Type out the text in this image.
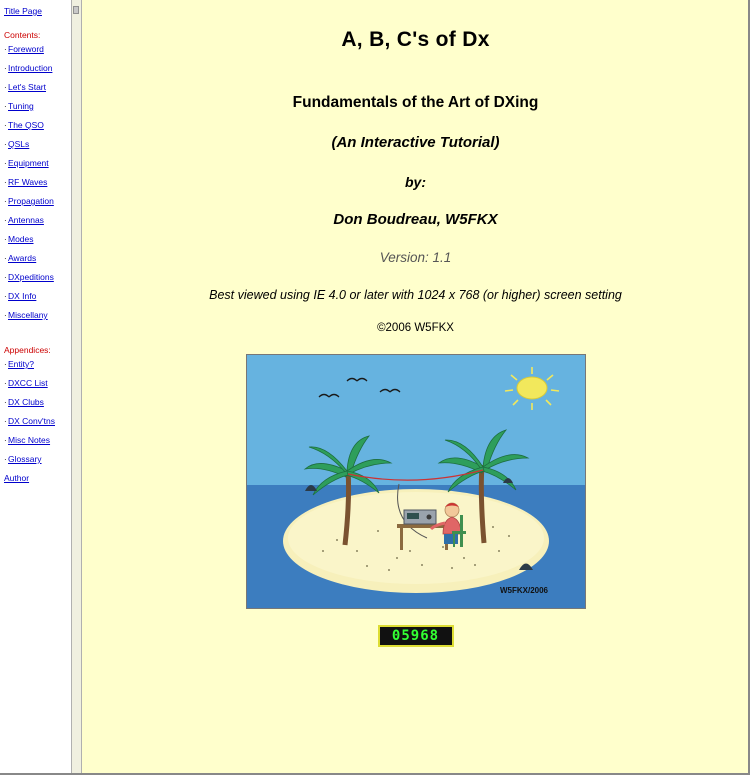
Title Page
Contents:
· Foreword
· Introduction
· Let's Start
· Tuning
· The QSO
· QSLs
· Equipment
· RF Waves
· Propagation
· Antennas
· Modes
· Awards
· DXpeditions
· DX Info
· Miscellany
Appendices:
· Entity?
· DXCC List
· DX Clubs
· DX Conv'tns
· Misc Notes
· Glossary
Author
A, B, C's of Dx
Fundamentals of the Art of DXing
(An Interactive Tutorial)
by:
Don Boudreau, W5FKX
Version: 1.1
Best viewed using IE 4.0 or later with 1024 x 768 (or higher) screen setting
©2006 W5FKX
W5FKX/2006
05968
